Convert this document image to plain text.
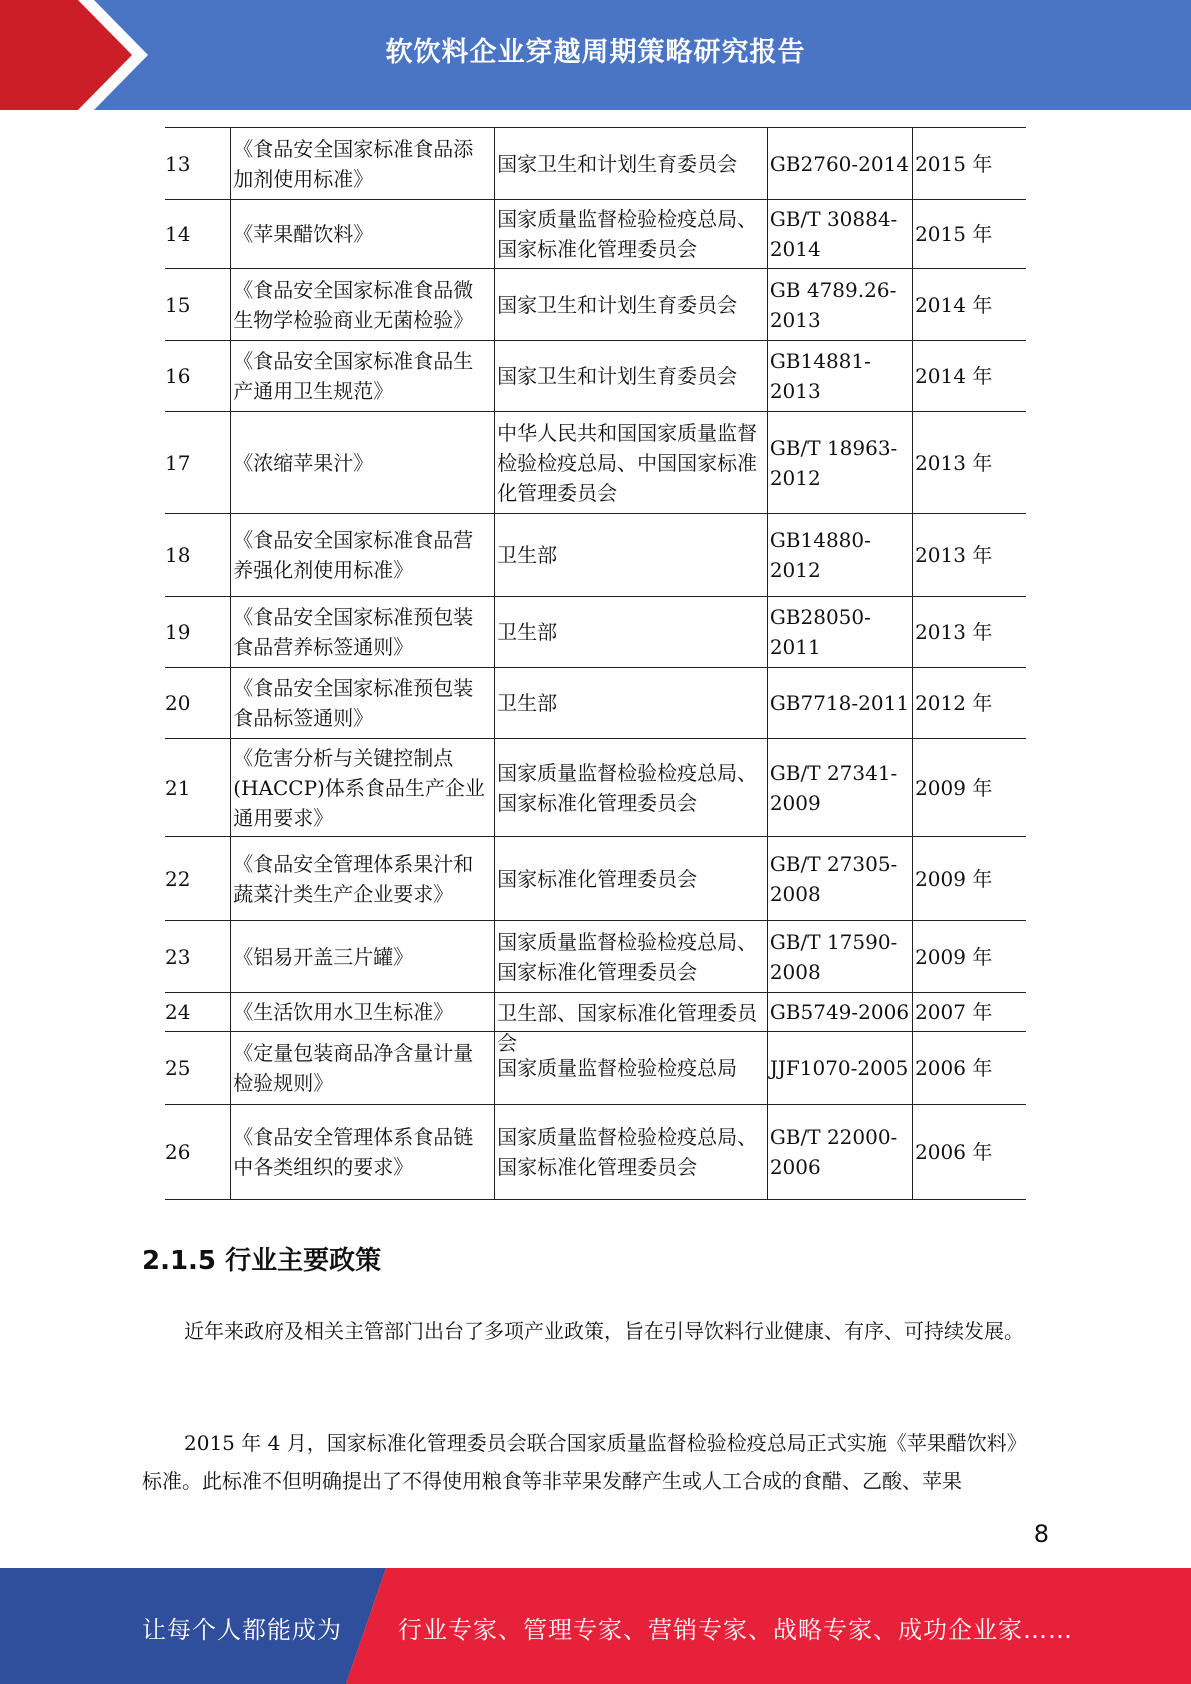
软饮料企业穿越周期策略研究报告
13	《食品安全国家标准食品添加剂使用标准》	国家卫生和计划生育委员会	GB2760-2014	2015 年
14	《苹果醋饮料》	国家质量监督检验检疫总局、国家标准化管理委员会	GB/T 30884-2014	2015 年
15	《食品安全国家标准食品微生物学检验商业无菌检验》	国家卫生和计划生育委员会	GB 4789.26-2013	2014 年
16	《食品安全国家标准食品生产通用卫生规范》	国家卫生和计划生育委员会	GB14881-2013	2014 年
17	《浓缩苹果汁》	中华人民共和国国家质量监督检验检疫总局、中国国家标准化管理委员会	GB/T 18963-2012	2013 年
18	《食品安全国家标准食品营养强化剂使用标准》	卫生部	GB14880-2012	2013 年
19	《食品安全国家标准预包装食品营养标签通则》	卫生部	GB28050-2011	2013 年
20	《食品安全国家标准预包装食品标签通则》	卫生部	GB7718-2011	2012 年
21	《危害分析与关键控制点(HACCP)体系食品生产企业通用要求》	国家质量监督检验检疫总局、国家标准化管理委员会	GB/T 27341-2009	2009 年
22	《食品安全管理体系果汁和蔬菜汁类生产企业要求》	国家标准化管理委员会	GB/T 27305-2008	2009 年
23	《铝易开盖三片罐》	国家质量监督检验检疫总局、国家标准化管理委员会	GB/T 17590-2008	2009 年
24	《生活饮用水卫生标准》	卫生部、国家标准化管理委员会	GB5749-2006	2007 年
25	《定量包装商品净含量计量检验规则》	国家质量监督检验检疫总局	JJF1070-2005	2006 年
26	《食品安全管理体系食品链中各类组织的要求》	国家质量监督检验检疫总局、国家标准化管理委员会	GB/T 22000-2006	2006 年
2.1.5 行业主要政策
近年来政府及相关主管部门出台了多项产业政策，旨在引导饮料行业健康、有序、可持续发展。
2015 年 4 月，国家标准化管理委员会联合国家质量监督检验检疫总局正式实施《苹果醋饮料》标准。此标准不但明确提出了不得使用粮食等非苹果发酵产生或人工合成的食醋、乙酸、苹果
8
让每个人都能成为 行业专家、管理专家、营销专家、战略专家、成功企业家……
